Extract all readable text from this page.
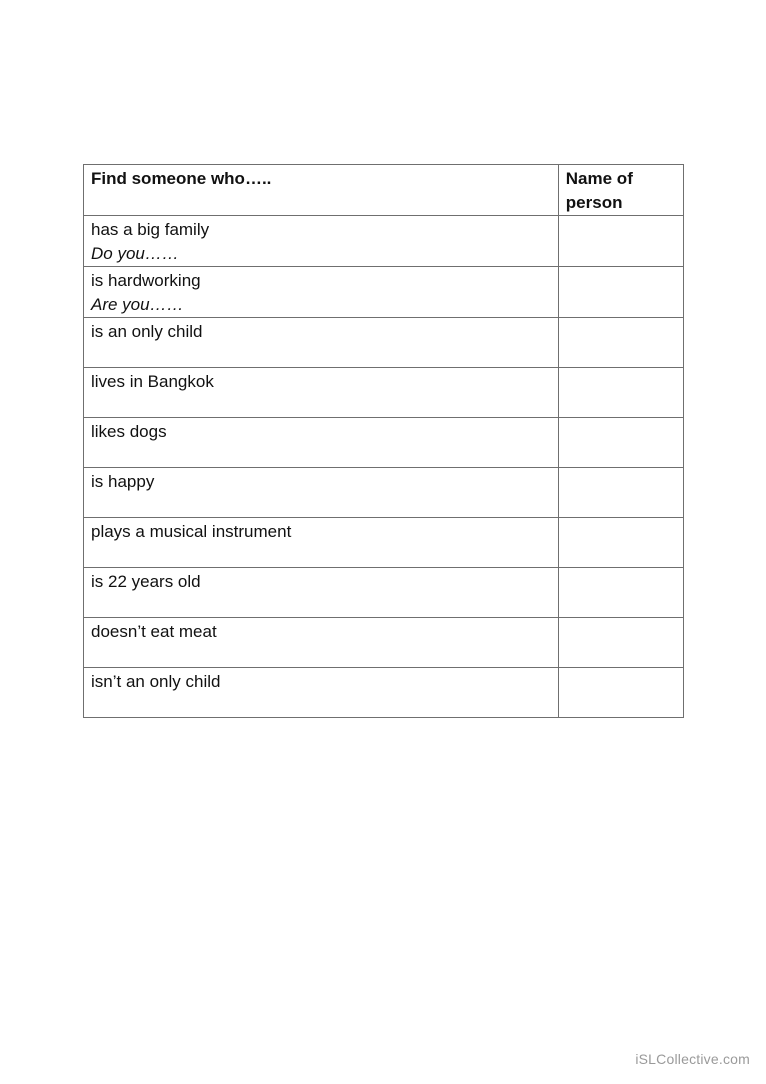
Find someone who…..	Name of person

has a big family
Do you……	

is hardworking
Are you……	

is an only child	

lives in Bangkok	

likes dogs	

is happy	

plays a musical instrument	

is 22 years old	

doesn’t eat meat	

isn’t an only child	

iSLCollective.com
